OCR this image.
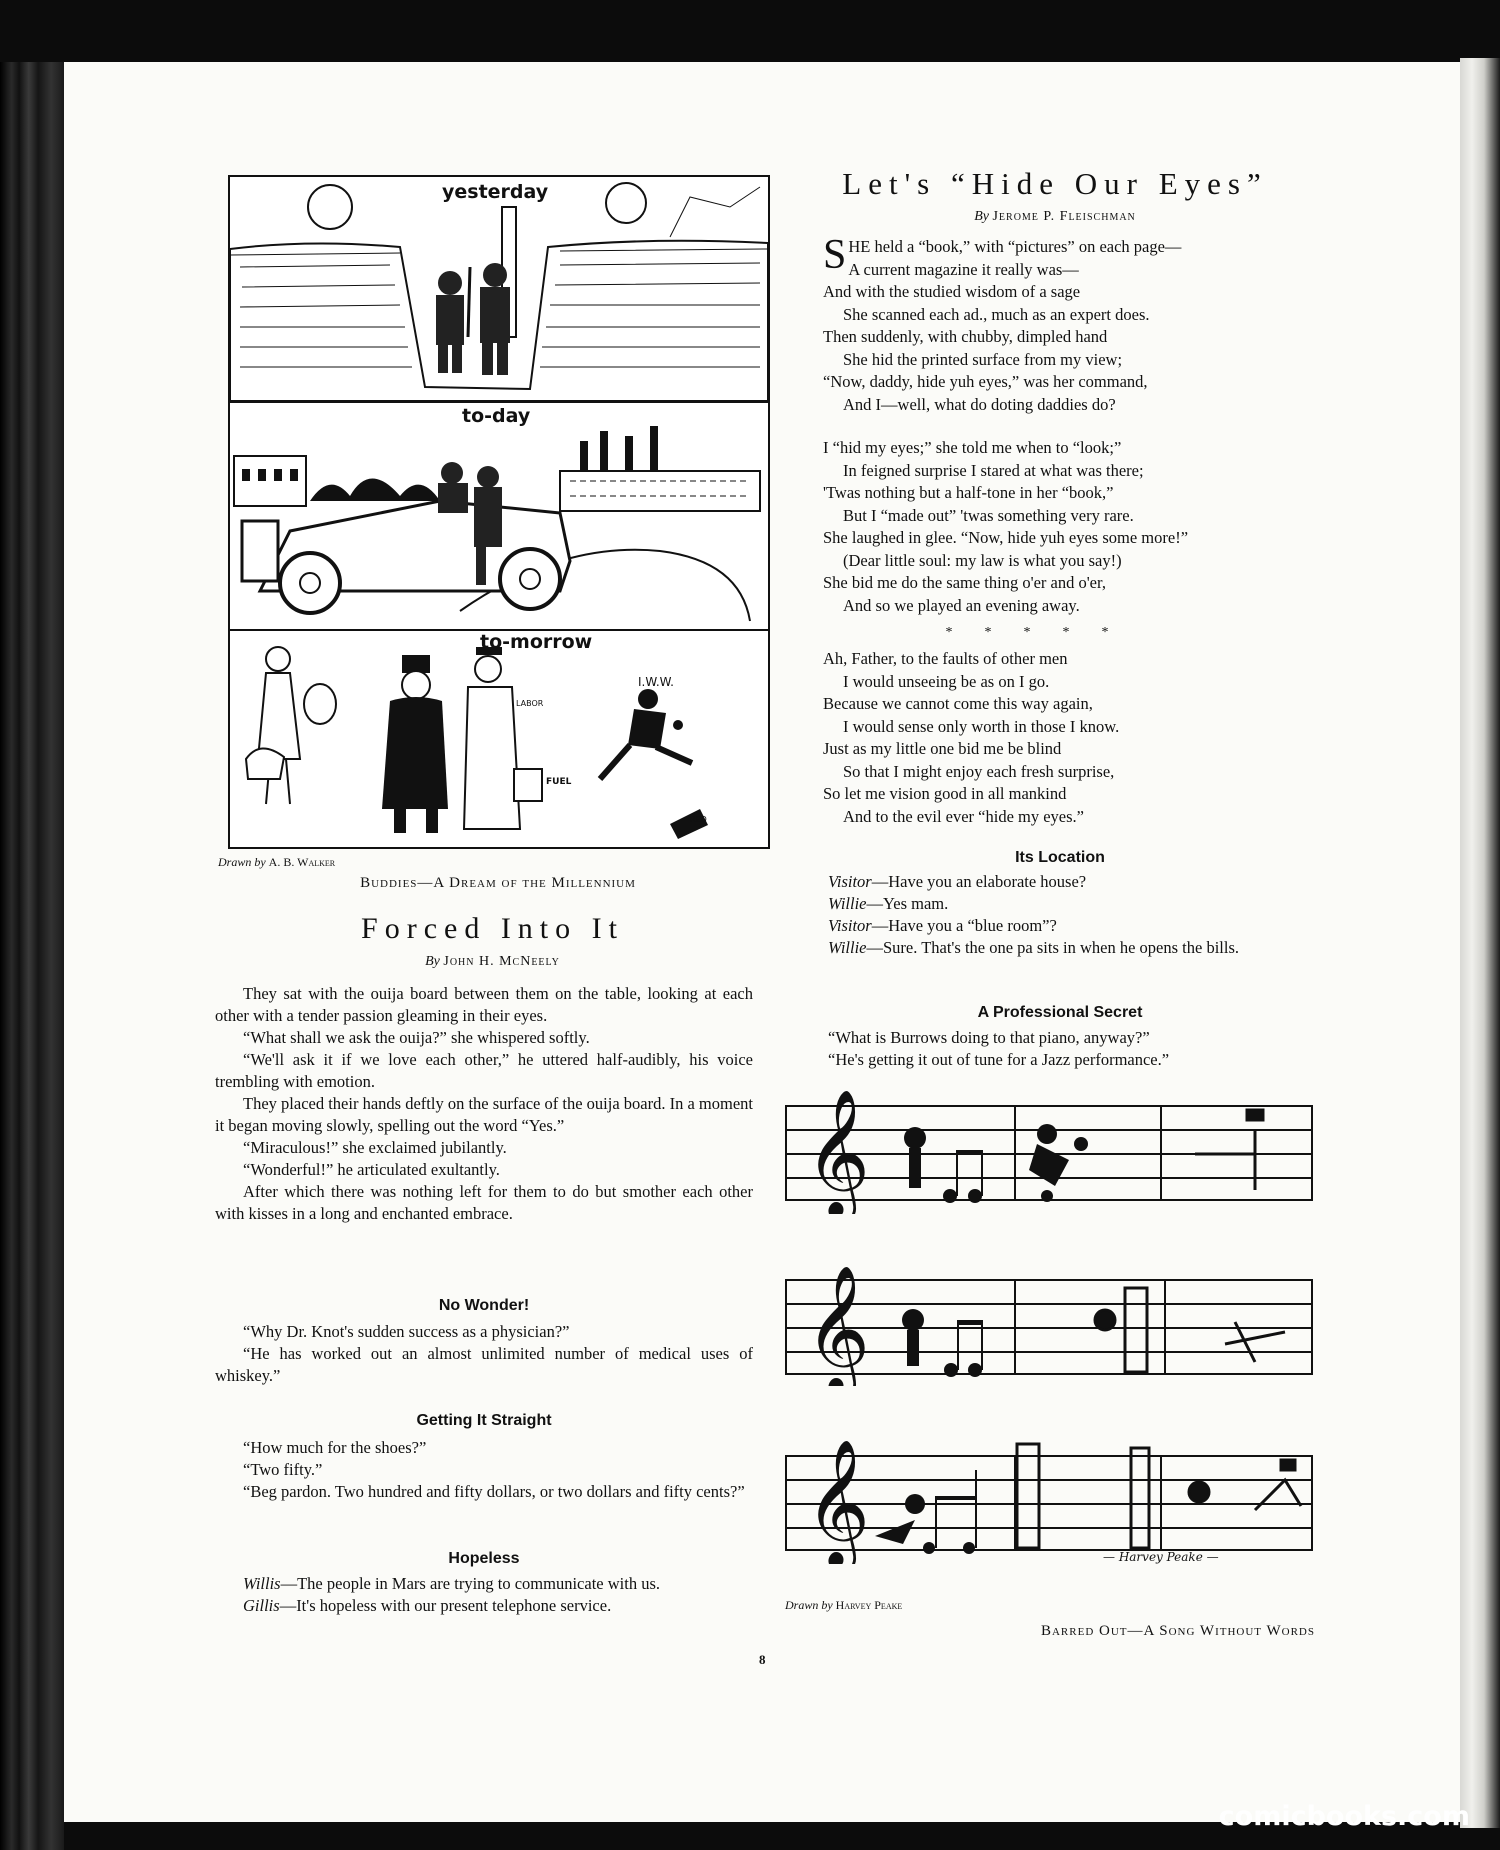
yesterday
to-day
to-morrow
I.W.W.
LABOR
FUEL
RED
Drawn by A. B. Walker
Buddies—A Dream of the Millennium
Forced Into It
By John H. McNeely

They sat with the ouija board between them on the table, looking at each other with a tender passion gleaming in their eyes.

“What shall we ask the ouija?” she whispered softly.

“We'll ask it if we love each other,” he uttered half-audibly, his voice trembling with emotion.

They placed their hands deftly on the surface of the ouija board. In a moment it began moving slowly, spelling out the word “Yes.”

“Miraculous!” she exclaimed jubilantly.

“Wonderful!” he articulated exultantly.

After which there was nothing left for them to do but smother each other with kisses in a long and enchanted embrace.

No Wonder!

“Why Dr. Knot's sudden success as a physician?”

“He has worked out an almost unlimited number of medical uses of whiskey.”

Getting It Straight

“How much for the shoes?”

“Two fifty.”

“Beg pardon. Two hundred and fifty dollars, or two dollars and fifty cents?”

Hopeless

Willis—The people in Mars are trying to communicate with us.

Gillis—It's hopeless with our present telephone service.

Let's “Hide Our Eyes”
By Jerome P. Fleischman

SHE held a “book,” with “pictures” on each page—

A current magazine it really was—

And with the studied wisdom of a sage

She scanned each ad., much as an expert does.

Then suddenly, with chubby, dimpled hand

She hid the printed surface from my view;

“Now, daddy, hide yuh eyes,” was her command,

And I—well, what do doting daddies do?

I “hid my eyes;” she told me when to “look;”

In feigned surprise I stared at what was there;

'Twas nothing but a half-tone in her “book,”

But I “made out” 'twas something very rare.

She laughed in glee. “Now, hide yuh eyes some more!”

(Dear little soul: my law is what you say!)

She bid me do the same thing o'er and o'er,

And so we played an evening away.

*****

Ah, Father, to the faults of other men

I would unseeing be as on I go.

Because we cannot come this way again,

I would sense only worth in those I know.

Just as my little one bid me be blind

So that I might enjoy each fresh surprise,

So let me vision good in all mankind

And to the evil ever “hide my eyes.”

Its Location

Visitor—Have you an elaborate house?

Willie—Yes mam.

Visitor—Have you a “blue room”?

Willie—Sure. That's the one pa sits in when he opens the bills.

A Professional Secret

“What is Burrows doing to that piano, anyway?”

“He's getting it out of tune for a Jazz performance.”

𝄞
𝄞
𝄞	— Harvey Peake —
Drawn by Harvey Peake
Barred Out—A Song Without Words
8
comicbooks.com
